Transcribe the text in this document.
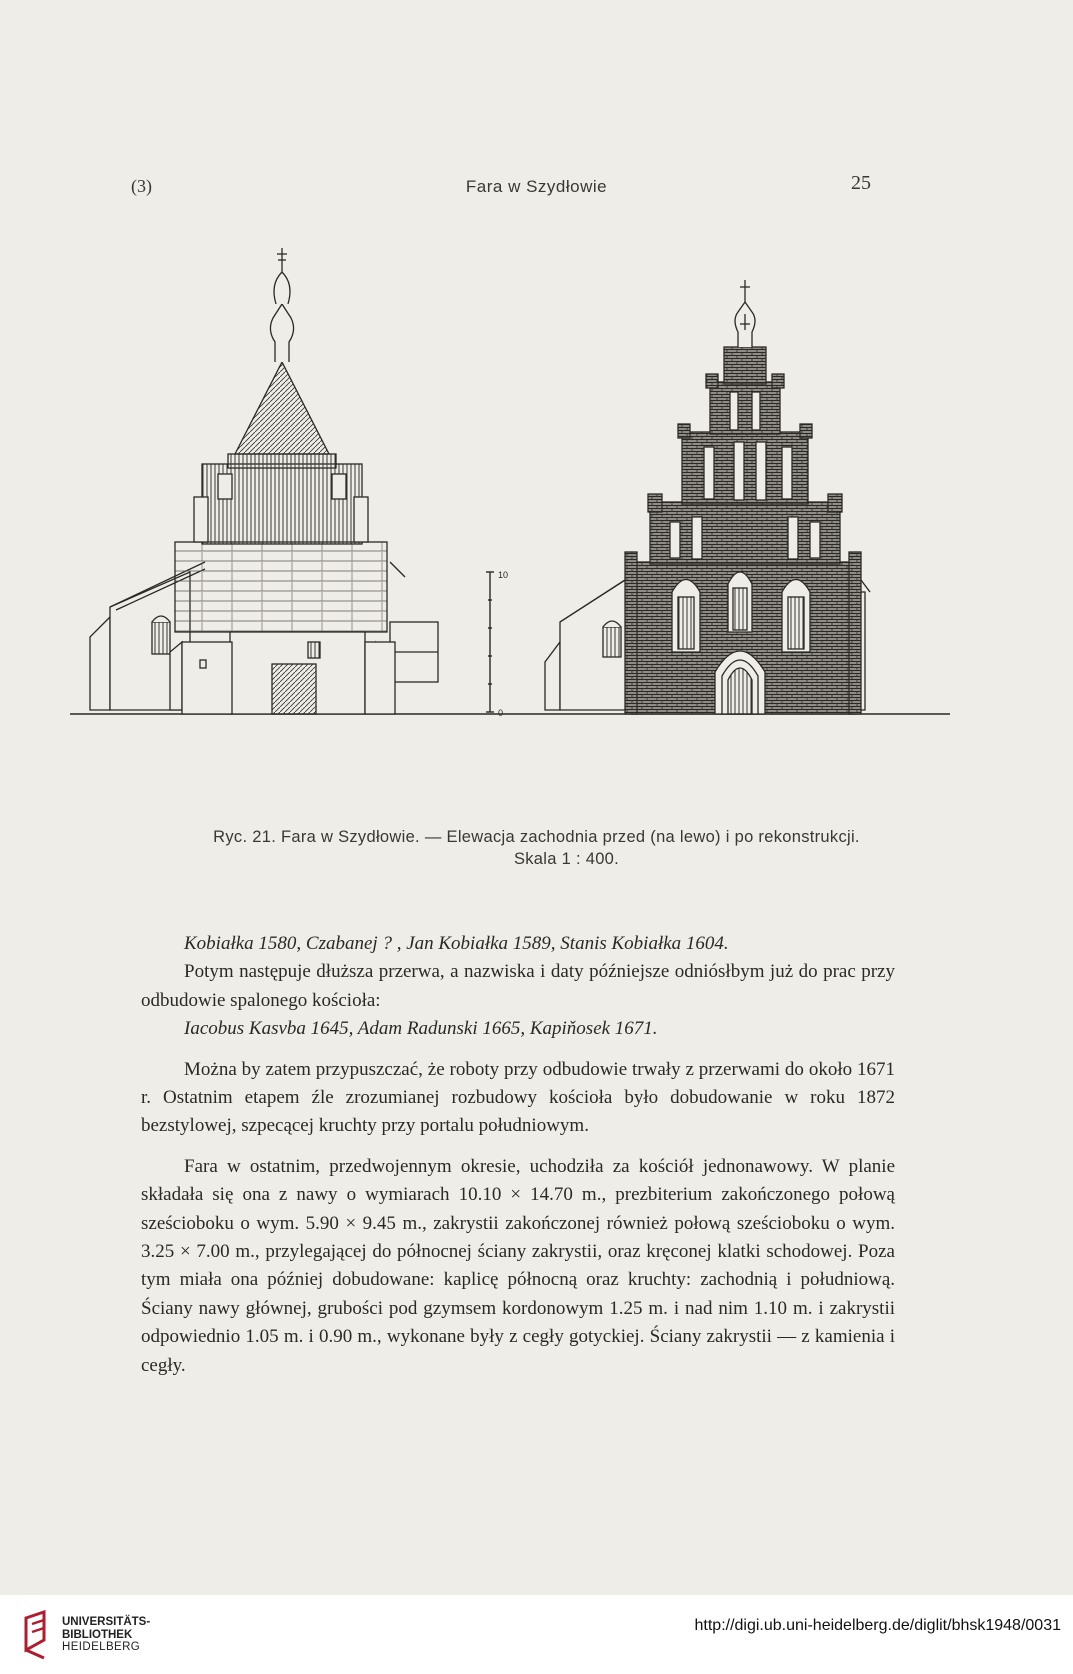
(3)	Fara w Szydłowie	25
10
0
Ryc. 21. Fara w Szydłowie. — Elewacja zachodnia przed (na lewo) i po rekonstrukcji.

Skala 1 : 400.

Kobiałka 1580, Czabanej ? , Jan Kobiałka 1589, Stanis Kobiałka 1604.

Potym następuje dłuższa przerwa, a nazwiska i daty późniejsze odniósłbym już do prac przy odbudowie spalonego kościoła:

Iacobus Kasvba 1645, Adam Radunski 1665, Kapiňosek 1671.

Można by zatem przypuszczać, że roboty przy odbudowie trwały z przerwami do około 1671 r. Ostatnim etapem źle zrozumianej rozbudowy kościoła było dobudowanie w roku 1872 bezstylowej, szpecącej kruchty przy portalu południowym.

Fara w ostatnim, przedwojennym okresie, uchodziła za kościół jednonawowy. W planie składała się ona z nawy o wymiarach 10.10 × 14.70 m., prezbiterium zakończonego połową sześcioboku o wym. 5.90 × 9.45 m., zakrystii zakończonej również połową sześcioboku o wym. 3.25 × 7.00 m., przylegającej do północnej ściany zakrystii, oraz kręconej klatki schodowej. Poza tym miała ona później dobudowane: kaplicę północną oraz kruchty: zachodnią i południową. Ściany nawy głównej, grubości pod gzymsem kordonowym 1.25 m. i nad nim 1.10 m. i zakrystii odpowiednio 1.05 m. i 0.90 m., wykonane były z cegły gotyckiej. Ściany zakrystii — z kamienia i cegły.

UNIVERSITÄTS-
BIBLIOTHEK
HEIDELBERG
http://digi.ub.uni-heidelberg.de/diglit/bhsk1948/0031
